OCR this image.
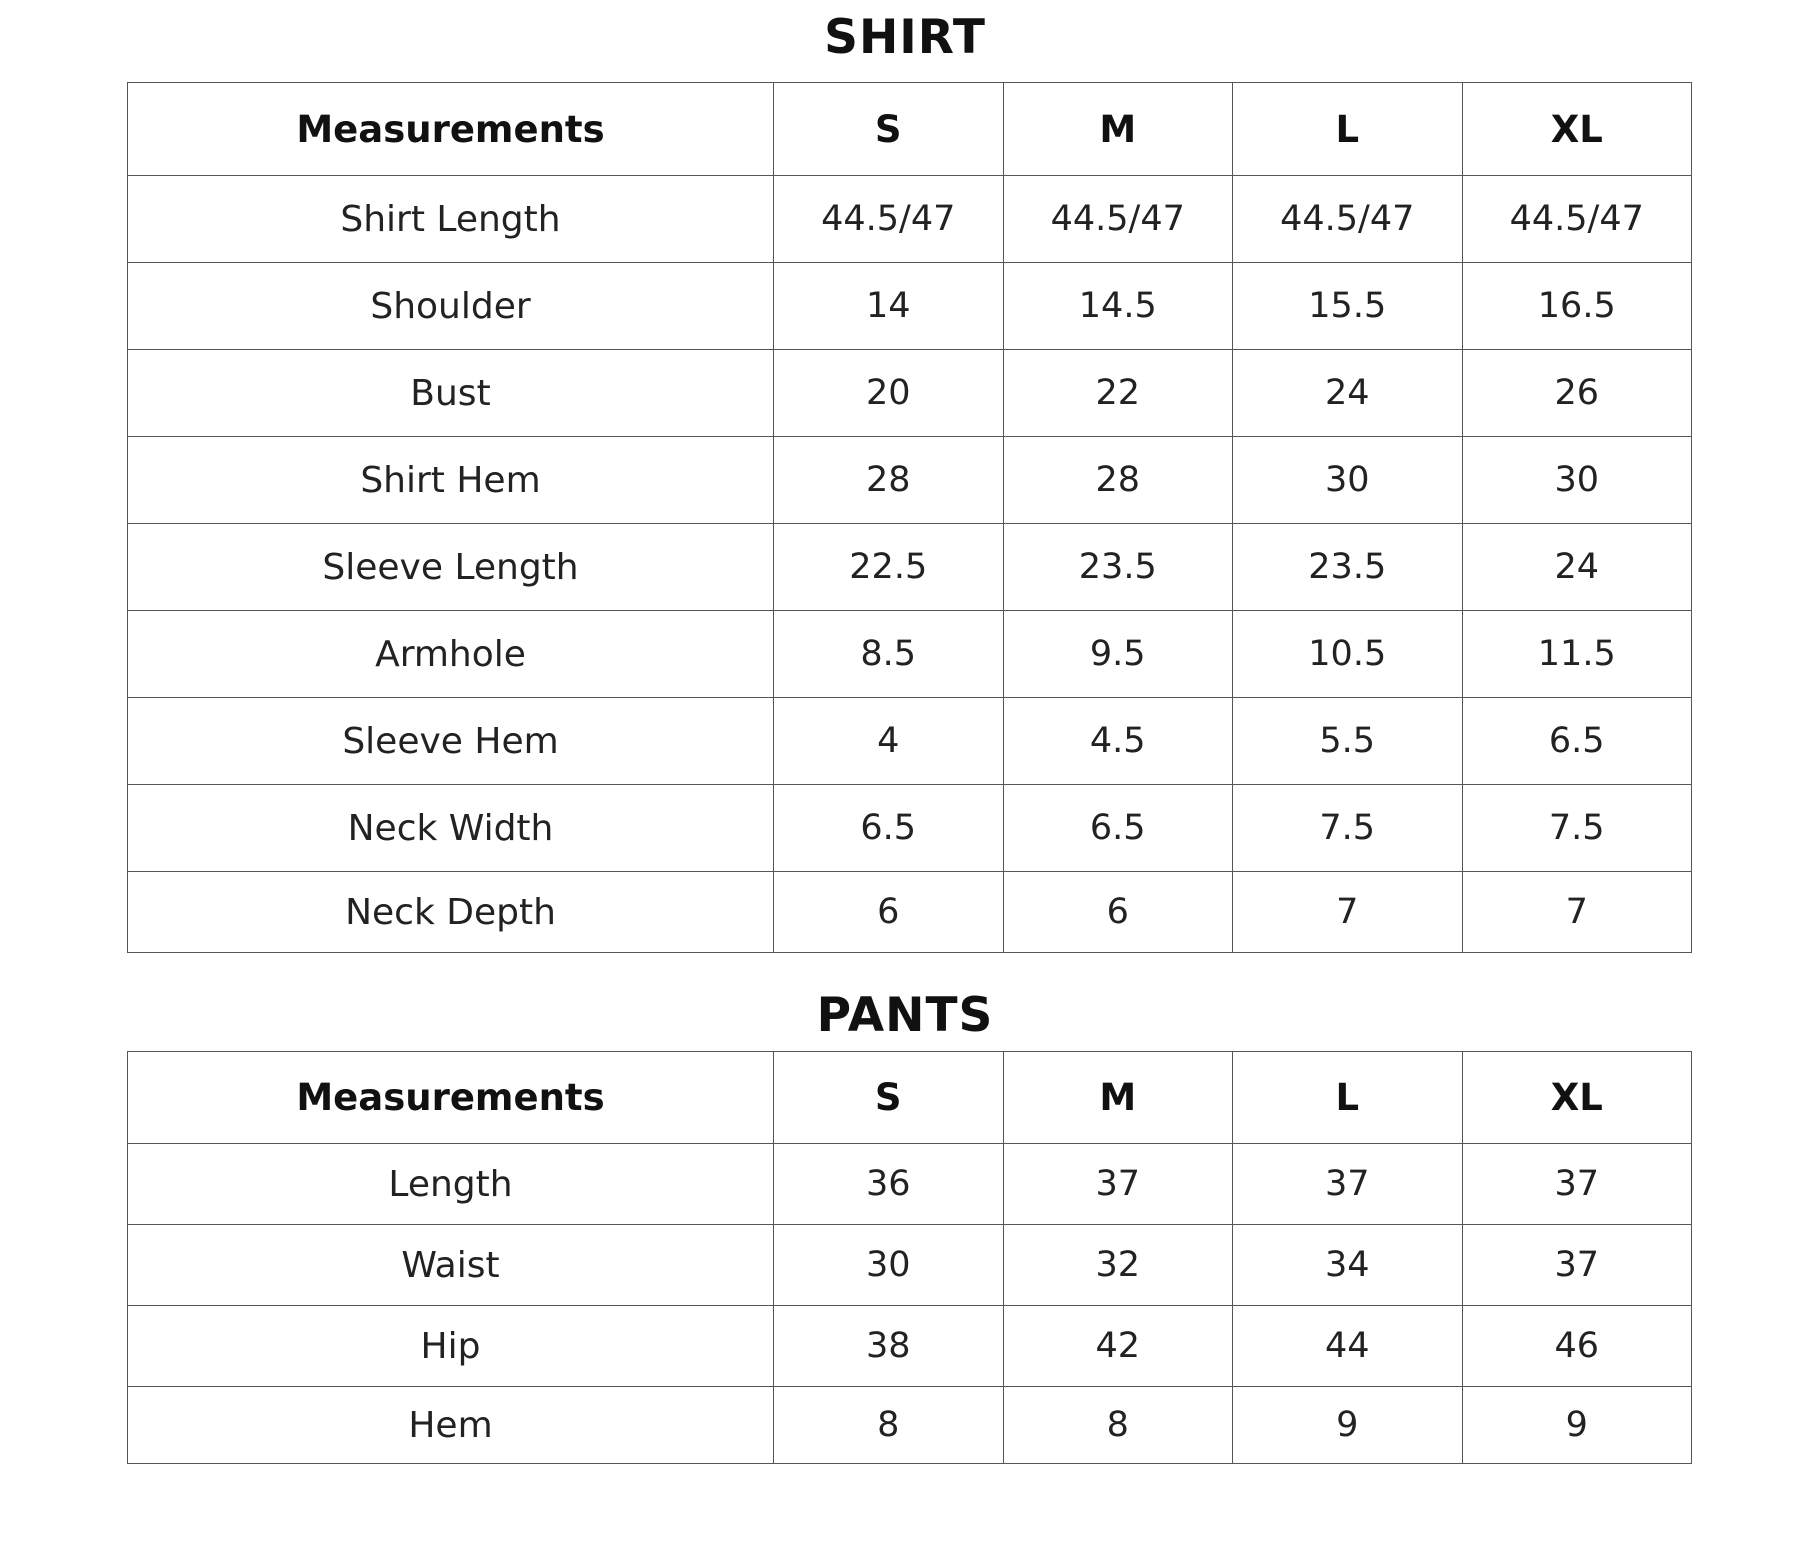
SHIRT
Measurements	S	M	L	XL
Shirt Length	44.5/47	44.5/47	44.5/47	44.5/47
Shoulder	14	14.5	15.5	16.5
Bust	20	22	24	26
Shirt Hem	28	28	30	30
Sleeve Length	22.5	23.5	23.5	24
Armhole	8.5	9.5	10.5	11.5
Sleeve Hem	4	4.5	5.5	6.5
Neck Width	6.5	6.5	7.5	7.5
Neck Depth	6	6	7	7
PANTS
Measurements	S	M	L	XL
Length	36	37	37	37
Waist	30	32	34	37
Hip	38	42	44	46
Hem	8	8	9	9
